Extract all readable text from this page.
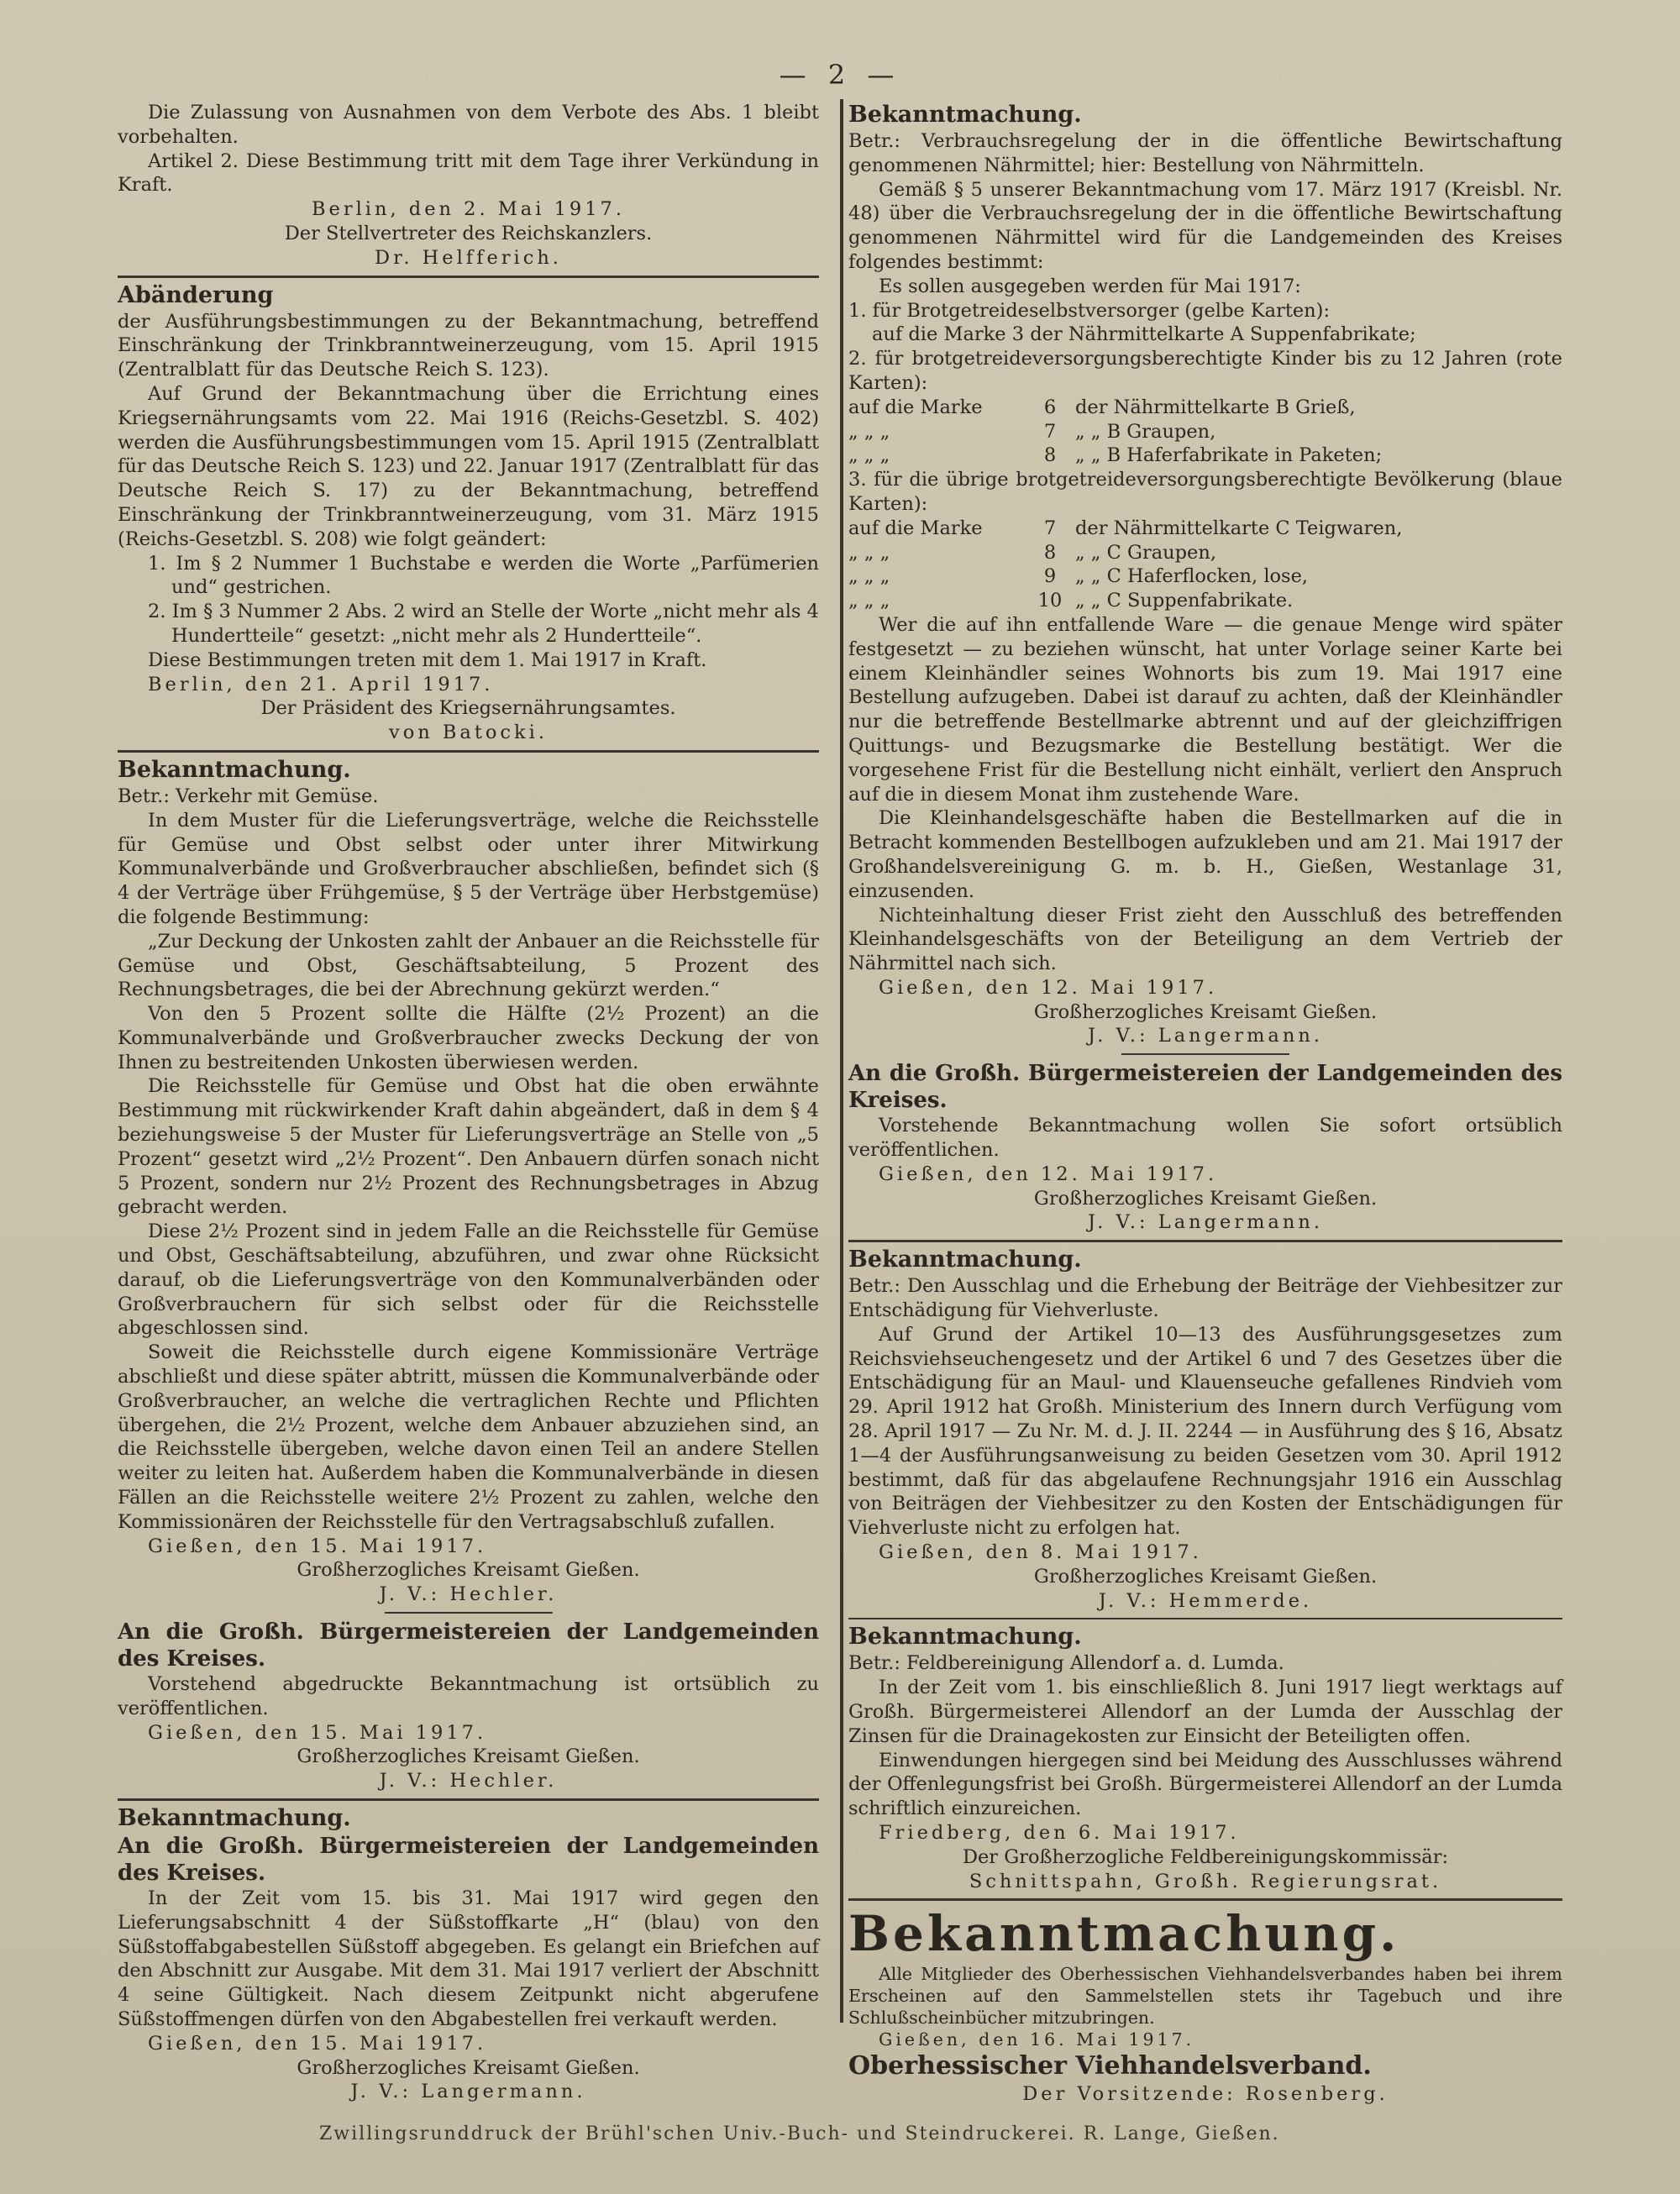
— 2 —

Die Zulassung von Ausnahmen von dem Verbote des Abs. 1 bleibt vorbehalten.

Artikel 2. Diese Bestimmung tritt mit dem Tage ihrer Verkündung in Kraft.

Berlin, den 2. Mai 1917.

Der Stellvertreter des Reichskanzlers.

Dr. Helfferich.

Abänderung

der Ausführungsbestimmungen zu der Bekanntmachung, betreffend Einschränkung der Trinkbranntweinerzeugung, vom 15. April 1915 (Zentralblatt für das Deutsche Reich S. 123).

Auf Grund der Bekanntmachung über die Errichtung eines Kriegsernährungsamts vom 22. Mai 1916 (Reichs-Gesetzbl. S. 402) werden die Ausführungsbestimmungen vom 15. April 1915 (Zentralblatt für das Deutsche Reich S. 123) und 22. Januar 1917 (Zentralblatt für das Deutsche Reich S. 17) zu der Bekanntmachung, betreffend Einschränkung der Trinkbranntweinerzeugung, vom 31. März 1915 (Reichs-Gesetzbl. S. 208) wie folgt geändert:

1. Im § 2 Nummer 1 Buchstabe e werden die Worte „Parfümerien und“ gestrichen.

2. Im § 3 Nummer 2 Abs. 2 wird an Stelle der Worte „nicht mehr als 4 Hundertteile“ gesetzt: „nicht mehr als 2 Hundertteile“.

Diese Bestimmungen treten mit dem 1. Mai 1917 in Kraft.

Berlin, den 21. April 1917.

Der Präsident des Kriegsernährungsamtes.

von Batocki.

Bekanntmachung.

Betr.: Verkehr mit Gemüse.

In dem Muster für die Lieferungsverträge, welche die Reichsstelle für Gemüse und Obst selbst oder unter ihrer Mitwirkung Kommunalverbände und Großverbraucher abschließen, befindet sich (§ 4 der Verträge über Frühgemüse, § 5 der Verträge über Herbstgemüse) die folgende Bestimmung:

„Zur Deckung der Unkosten zahlt der Anbauer an die Reichsstelle für Gemüse und Obst, Geschäftsabteilung, 5 Prozent des Rechnungsbetrages, die bei der Abrechnung gekürzt werden.“

Von den 5 Prozent sollte die Hälfte (2½ Prozent) an die Kommunalverbände und Großverbraucher zwecks Deckung der von Ihnen zu bestreitenden Unkosten überwiesen werden.

Die Reichsstelle für Gemüse und Obst hat die oben erwähnte Bestimmung mit rückwirkender Kraft dahin abgeändert, daß in dem § 4 beziehungsweise 5 der Muster für Lieferungsverträge an Stelle von „5 Prozent“ gesetzt wird „2½ Prozent“. Den Anbauern dürfen sonach nicht 5 Prozent, sondern nur 2½ Prozent des Rechnungsbetrages in Abzug gebracht werden.

Diese 2½ Prozent sind in jedem Falle an die Reichsstelle für Gemüse und Obst, Geschäftsabteilung, abzuführen, und zwar ohne Rücksicht darauf, ob die Lieferungsverträge von den Kommunalverbänden oder Großverbrauchern für sich selbst oder für die Reichsstelle abgeschlossen sind.

Soweit die Reichsstelle durch eigene Kommissionäre Verträge abschließt und diese später abtritt, müssen die Kommunalverbände oder Großverbraucher, an welche die vertraglichen Rechte und Pflichten übergehen, die 2½ Prozent, welche dem Anbauer abzuziehen sind, an die Reichsstelle übergeben, welche davon einen Teil an andere Stellen weiter zu leiten hat. Außerdem haben die Kommunalverbände in diesen Fällen an die Reichsstelle weitere 2½ Prozent zu zahlen, welche den Kommissionären der Reichsstelle für den Vertragsabschluß zufallen.

Gießen, den 15. Mai 1917.

Großherzogliches Kreisamt Gießen.

J. V.: Hechler.

An die Großh. Bürgermeistereien der Landgemeinden des Kreises.

Vorstehend abgedruckte Bekanntmachung ist ortsüblich zu veröffentlichen.

Gießen, den 15. Mai 1917.

Großherzogliches Kreisamt Gießen.

J. V.: Hechler.

Bekanntmachung.

An die Großh. Bürgermeistereien der Landgemeinden des Kreises.

In der Zeit vom 15. bis 31. Mai 1917 wird gegen den Lieferungsabschnitt 4 der Süßstoffkarte „H“ (blau) von den Süßstoffabgabestellen Süßstoff abgegeben. Es gelangt ein Briefchen auf den Abschnitt zur Ausgabe. Mit dem 31. Mai 1917 verliert der Abschnitt 4 seine Gültigkeit. Nach diesem Zeitpunkt nicht abgerufene Süßstoffmengen dürfen von den Abgabestellen frei verkauft werden.

Gießen, den 15. Mai 1917.

Großherzogliches Kreisamt Gießen.

J. V.: Langermann.

Bekanntmachung.

Betr.: Verbrauchsregelung der in die öffentliche Bewirtschaftung genommenen Nährmittel; hier: Bestellung von Nährmitteln.

Gemäß § 5 unserer Bekanntmachung vom 17. März 1917 (Kreisbl. Nr. 48) über die Verbrauchsregelung der in die öffentliche Bewirtschaftung genommenen Nährmittel wird für die Landgemeinden des Kreises folgendes bestimmt:

Es sollen ausgegeben werden für Mai 1917:

1. für Brotgetreideselbstversorger (gelbe Karten):

auf die Marke 3 der Nährmittelkarte A Suppenfabrikate;

2. für brotgetreideversorgungsberechtigte Kinder bis zu 12 Jahren (rote Karten):

auf die Marke	6	der Nährmittelkarte B Grieß,
„ „ „	7	„ „ B Graupen,
„ „ „	8	„ „ B Haferfabrikate in Paketen;

3. für die übrige brotgetreideversorgungsberechtigte Bevölkerung (blaue Karten):

auf die Marke	7	der Nährmittelkarte C Teigwaren,
„ „ „	8	„ „ C Graupen,
„ „ „	9	„ „ C Haferflocken, lose,
„ „ „	10 „ „ C Suppenfabrikate.

Wer die auf ihn entfallende Ware — die genaue Menge wird später festgesetzt — zu beziehen wünscht, hat unter Vorlage seiner Karte bei einem Kleinhändler seines Wohnorts bis zum 19. Mai 1917 eine Bestellung aufzugeben. Dabei ist darauf zu achten, daß der Kleinhändler nur die betreffende Bestellmarke abtrennt und auf der gleichziffrigen Quittungs- und Bezugsmarke die Bestellung bestätigt. Wer die vorgesehene Frist für die Bestellung nicht einhält, verliert den Anspruch auf die in diesem Monat ihm zustehende Ware.

Die Kleinhandelsgeschäfte haben die Bestellmarken auf die in Betracht kommenden Bestellbogen aufzukleben und am 21. Mai 1917 der Großhandelsvereinigung G. m. b. H., Gießen, Westanlage 31, einzusenden.

Nichteinhaltung dieser Frist zieht den Ausschluß des betreffenden Kleinhandelsgeschäfts von der Beteiligung an dem Vertrieb der Nährmittel nach sich.

Gießen, den 12. Mai 1917.

Großherzogliches Kreisamt Gießen.

J. V.: Langermann.

An die Großh. Bürgermeistereien der Landgemeinden des Kreises.

Vorstehende Bekanntmachung wollen Sie sofort ortsüblich veröffentlichen.

Gießen, den 12. Mai 1917.

Großherzogliches Kreisamt Gießen.

J. V.: Langermann.

Bekanntmachung.

Betr.: Den Ausschlag und die Erhebung der Beiträge der Viehbesitzer zur Entschädigung für Viehverluste.

Auf Grund der Artikel 10—13 des Ausführungsgesetzes zum Reichsviehseuchengesetz und der Artikel 6 und 7 des Gesetzes über die Entschädigung für an Maul- und Klauenseuche gefallenes Rindvieh vom 29. April 1912 hat Großh. Ministerium des Innern durch Verfügung vom 28. April 1917 — Zu Nr. M. d. J. II. 2244 — in Ausführung des § 16, Absatz 1—4 der Ausführungsanweisung zu beiden Gesetzen vom 30. April 1912 bestimmt, daß für das abgelaufene Rechnungsjahr 1916 ein Ausschlag von Beiträgen der Viehbesitzer zu den Kosten der Entschädigungen für Viehverluste nicht zu erfolgen hat.

Gießen, den 8. Mai 1917.

Großherzogliches Kreisamt Gießen.

J. V.: Hemmerde.

Bekanntmachung.

Betr.: Feldbereinigung Allendorf a. d. Lumda.

In der Zeit vom 1. bis einschließlich 8. Juni 1917 liegt werktags auf Großh. Bürgermeisterei Allendorf an der Lumda der Ausschlag der Zinsen für die Drainagekosten zur Einsicht der Beteiligten offen.

Einwendungen hiergegen sind bei Meidung des Ausschlusses während der Offenlegungsfrist bei Großh. Bürgermeisterei Allendorf an der Lumda schriftlich einzureichen.

Friedberg, den 6. Mai 1917.

Der Großherzogliche Feldbereinigungskommissär:

Schnittspahn, Großh. Regierungsrat.

Bekanntmachung.

Alle Mitglieder des Oberhessischen Viehhandelsverbandes haben bei ihrem Erscheinen auf den Sammelstellen stets ihr Tagebuch und ihre Schlußscheinbücher mitzubringen.

Gießen, den 16. Mai 1917.

Oberhessischer Viehhandelsverband.

Der Vorsitzende: Rosenberg.

Zwillingsrunddruck der Brühl'schen Univ.-Buch- und Steindruckerei. R. Lange, Gießen.
